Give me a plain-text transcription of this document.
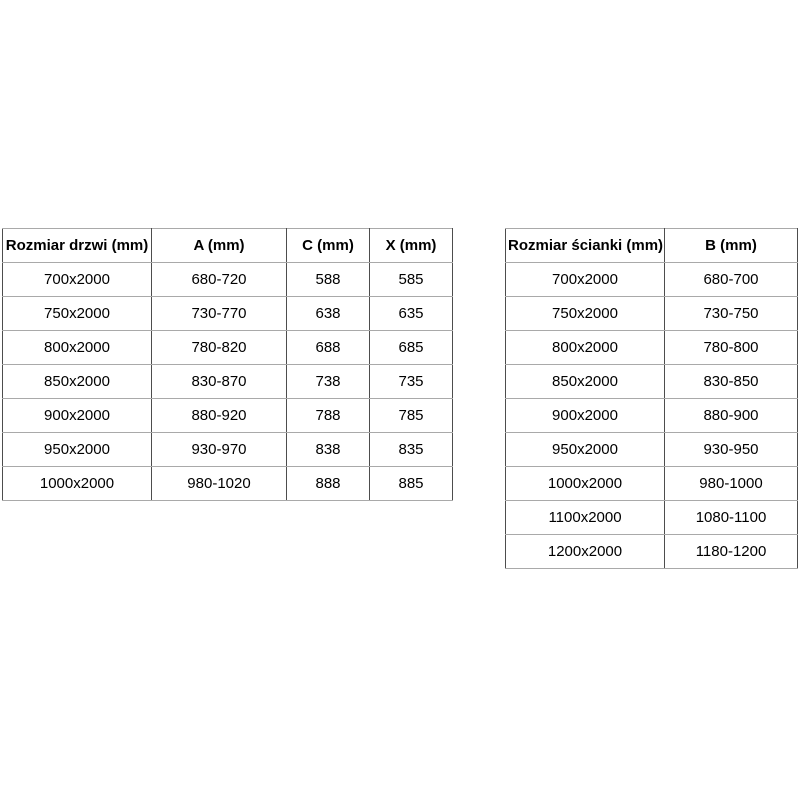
Rozmiar drzwi (mm)	A (mm)	C (mm)	X (mm)
700x2000	680-720	588	585
750x2000	730-770	638	635
800x2000	780-820	688	685
850x2000	830-870	738	735
900x2000	880-920	788	785
950x2000	930-970	838	835
1000x2000	980-1020	888	885
Rozmiar ścianki (mm)	B (mm)
700x2000	680-700
750x2000	730-750
800x2000	780-800
850x2000	830-850
900x2000	880-900
950x2000	930-950
1000x2000	980-1000
1100x2000	1080-1100
1200x2000	1180-1200
